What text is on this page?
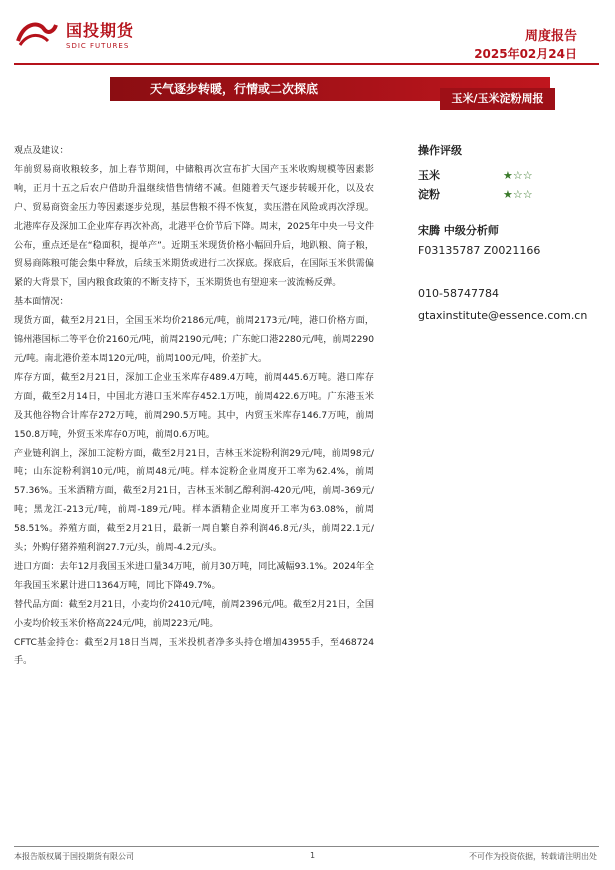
国投期货
SDIC FUTURES
周度报告
2025年02月24日
天气逐步转暖，行情或二次探底
玉米/玉米淀粉周报

观点及建议：

年前贸易商收粮较多，加上春节期间，中储粮再次宣布扩大国产玉米收购规模等因素影响，正月十五之后农户借助升温继续惜售情绪不减。但随着天气逐步转暖开化，以及农户、贸易商资金压力等因素逐步兑现，基层售粮不得不恢复，卖压潜在风险或再次浮现。北港库存及深加工企业库存再次补高，北港平仓价节后下降。周末，2025年中央一号文件公布，重点还是在“稳面积，提单产”。近期玉米现货价格小幅回升后，地趴粮、筒子粮，贸易商陈粮可能会集中释放，后续玉米期货或进行二次探底。探底后，在国际玉米供需偏紧的大背景下，国内粮食政策的不断支持下，玉米期货也有望迎来一波流畅反弹。

基本面情况：

现货方面，截至2月21日，全国玉米均价2186元/吨，前周2173元/吨，港口价格方面，锦州港国标二等平仓价2160元/吨，前周2190元/吨；广东蛇口港2280元/吨，前周2290元/吨。南北港价差本周120元/吨，前周100元/吨，价差扩大。

库存方面，截至2月21日，深加工企业玉米库存489.4万吨，前周445.6万吨。港口库存方面，截至2月14日，中国北方港口玉米库存452.1万吨，前周422.6万吨。广东港玉米及其他谷物合计库存272万吨，前周290.5万吨。其中，内贸玉米库存146.7万吨，前周150.8万吨，外贸玉米库存0万吨，前周0.6万吨。

产业链利润上，深加工淀粉方面，截至2月21日，吉林玉米淀粉利润29元/吨，前周98元/吨；山东淀粉利润10元/吨，前周48元/吨。样本淀粉企业周度开工率为62.4%，前周57.36%。玉米酒精方面，截至2月21日，吉林玉米制乙醇利润-420元/吨，前周-369元/吨；黑龙江-213元/吨，前周-189元/吨。样本酒精企业周度开工率为63.08%，前周58.51%。养殖方面，截至2月21日，最新一周自繁自养利润46.8元/头，前周22.1元/头；外购仔猪养殖利润27.7元/头，前周-4.2元/头。

进口方面：去年12月我国玉米进口量34万吨，前月30万吨，同比减幅93.1%。2024年全年我国玉米累计进口1364万吨，同比下降49.7%。

替代品方面：截至2月21日，小麦均价2410元/吨，前周2396元/吨。截至2月21日，全国小麦均价较玉米价格高224元/吨，前周223元/吨。

CFTC基金持仓：截至2月18日当周，玉米投机者净多头持仓增加43955手，至468724手。

操作评级
玉米	★☆☆
淀粉	★☆☆
宋腾 中级分析师
F03135787 Z0021166
010-58747784
gtaxinstitute@essence.com.cn
本报告版权属于国投期货有限公司	1	不可作为投资依据，转载请注明出处
